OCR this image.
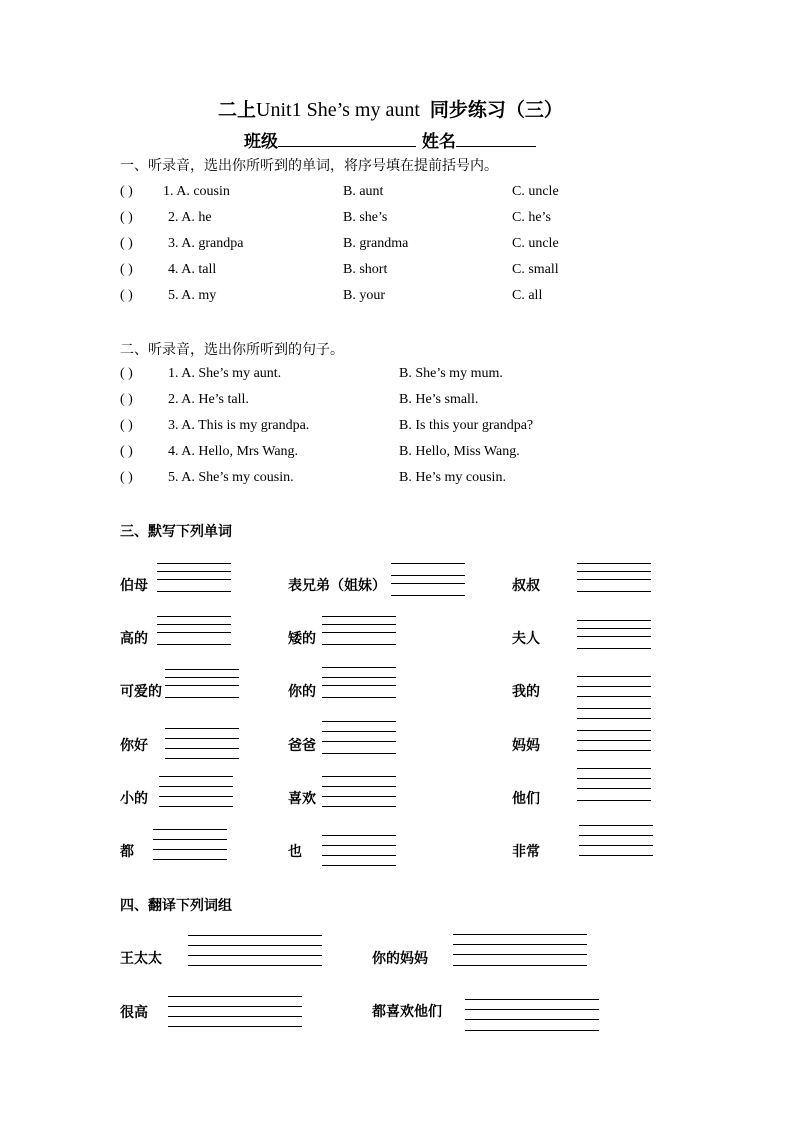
二上Unit1 She’s my aunt 同步练习（三）
班级	姓名
一、听录音，选出你所听到的单词，将序号填在提前括号内。
( ) 1. A. cousin	B. aunt	C. uncle
( )	2. A. he	B. she’s	C. he’s
( )	3. A. grandpa	B. grandma	C. uncle
( )	4. A. tall	B. short	C. small
( )	5. A. my	B. your	C. all
二、听录音，选出你所听到的句子。
( )	1. A. She’s my aunt.	B. She’s my mum.
( )	2. A. He’s tall.	B. He’s small.
( )	3. A. This is my grandpa.	B. Is this your grandpa?
( )	4. A. Hello, Mrs Wang.	B. Hello, Miss Wang.
( )	5. A. She’s my cousin.	B. He’s my cousin.
三、默写下列单词
伯母	表兄弟（姐妹）	叔叔
高的	矮的	夫人
可爱的	你的	我的
你好	爸爸	妈妈
小的	喜欢	他们
都	也	非常
四、翻译下列词组
王太太	你的妈妈
很高	都喜欢他们
